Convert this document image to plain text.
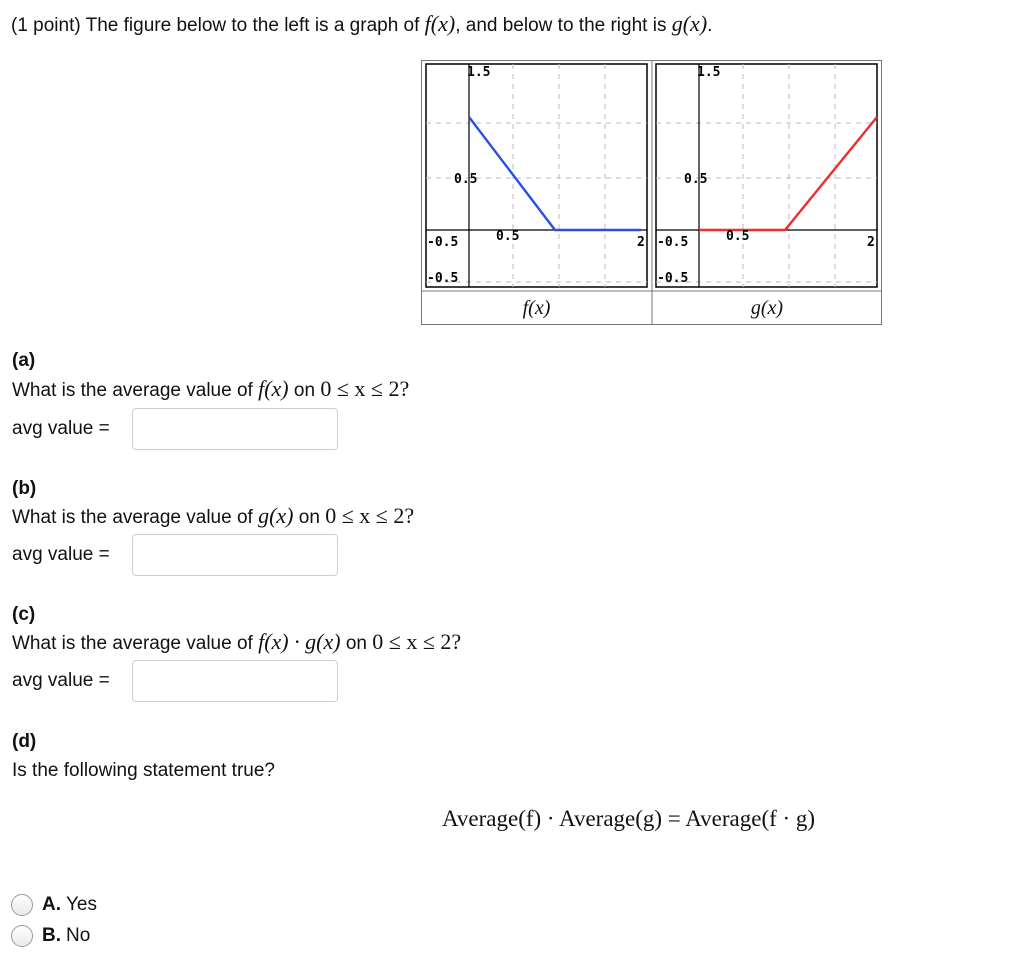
(1 point) The figure below to the left is a graph of f(x), and below to the right is g(x).
1.5
0.5
-0.5	0.5	2
-0.5
1.5
0.5
-0.5	0.5	2
-0.5
f(x)	g(x)
(a)
What is the average value of f(x) on 0 ≤ x ≤ 2?
avg value =
(b)
What is the average value of g(x) on 0 ≤ x ≤ 2?
avg value =
(c)
What is the average value of f(x) · g(x) on 0 ≤ x ≤ 2?
avg value =
(d)
Is the following statement true?
Average(f) · Average(g) = Average(f · g)
A. Yes
B. No
